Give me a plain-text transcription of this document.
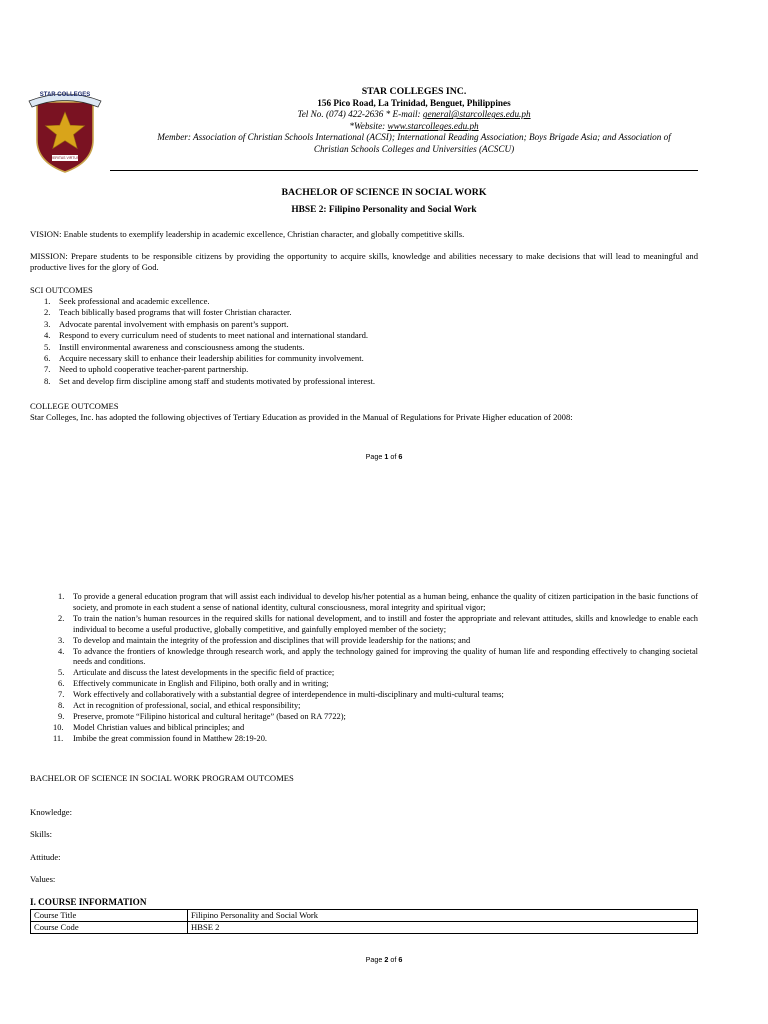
STAR COLLEGES
VERITAS VIRTUS
STAR COLLEGES INC.
156 Pico Road, La Trinidad, Benguet, Philippines
Tel No. (074) 422-2636 * E-mail: general@starcolleges.edu.ph
*Website: www.starcolleges.edu.ph
Member: Association of Christian Schools International (ACSI); International Reading Association; Boys Brigade Asia; and Association of
Christian Schools Colleges and Universities (ACSCU)
BACHELOR OF SCIENCE IN SOCIAL WORK
HBSE 2: Filipino Personality and Social Work
VISION: Enable students to exemplify leadership in academic excellence, Christian character, and globally competitive skills.
MISSION: Prepare students to be responsible citizens by providing the opportunity to acquire skills, knowledge and abilities necessary to make decisions that will lead to meaningful and productive lives for the glory of God.
SCI OUTCOMES
1. Seek professional and academic excellence.
2. Teach biblically based programs that will foster Christian character.
3. Advocate parental involvement with emphasis on parent’s support.
4. Respond to every curriculum need of students to meet national and international standard.
5. Instill environmental awareness and consciousness among the students.
6. Acquire necessary skill to enhance their leadership abilities for community involvement.
7. Need to uphold cooperative teacher-parent partnership.
8. Set and develop firm discipline among staff and students motivated by professional interest.
COLLEGE OUTCOMES
Star Colleges, Inc. has adopted the following objectives of Tertiary Education as provided in the Manual of Regulations for Private Higher education of 2008:
Page 1 of 6
1. To provide a general education program that will assist each individual to develop his/her potential as a human being, enhance the quality of citizen participation in the basic functions of society, and promote in each student a sense of national identity, cultural consciousness, moral integrity and spiritual vigor;
2. To train the nation’s human resources in the required skills for national development, and to instill and foster the appropriate and relevant attitudes, skills and knowledge to enable each individual to become a useful productive, globally competitive, and gainfully employed member of the society;
3. To develop and maintain the integrity of the profession and disciplines that will provide leadership for the nations; and
4. To advance the frontiers of knowledge through research work, and apply the technology gained for improving the quality of human life and responding effectively to changing societal needs and conditions.
5. Articulate and discuss the latest developments in the specific field of practice;
6. Effectively communicate in English and Filipino, both orally and in writing;
7. Work effectively and collaboratively with a substantial degree of interdependence in multi-disciplinary and multi-cultural teams;
8. Act in recognition of professional, social, and ethical responsibility;
9. Preserve, promote “Filipino historical and cultural heritage” (based on RA 7722);
10. Model Christian values and biblical principles; and
11. Imbibe the great commission found in Matthew 28:19-20.
BACHELOR OF SCIENCE IN SOCIAL WORK PROGRAM OUTCOMES
Knowledge:
Skills:
Attitude:
Values:
I. COURSE INFORMATION
Course Title	Filipino Personality and Social Work
Course Code	HBSE 2
Page 2 of 6
